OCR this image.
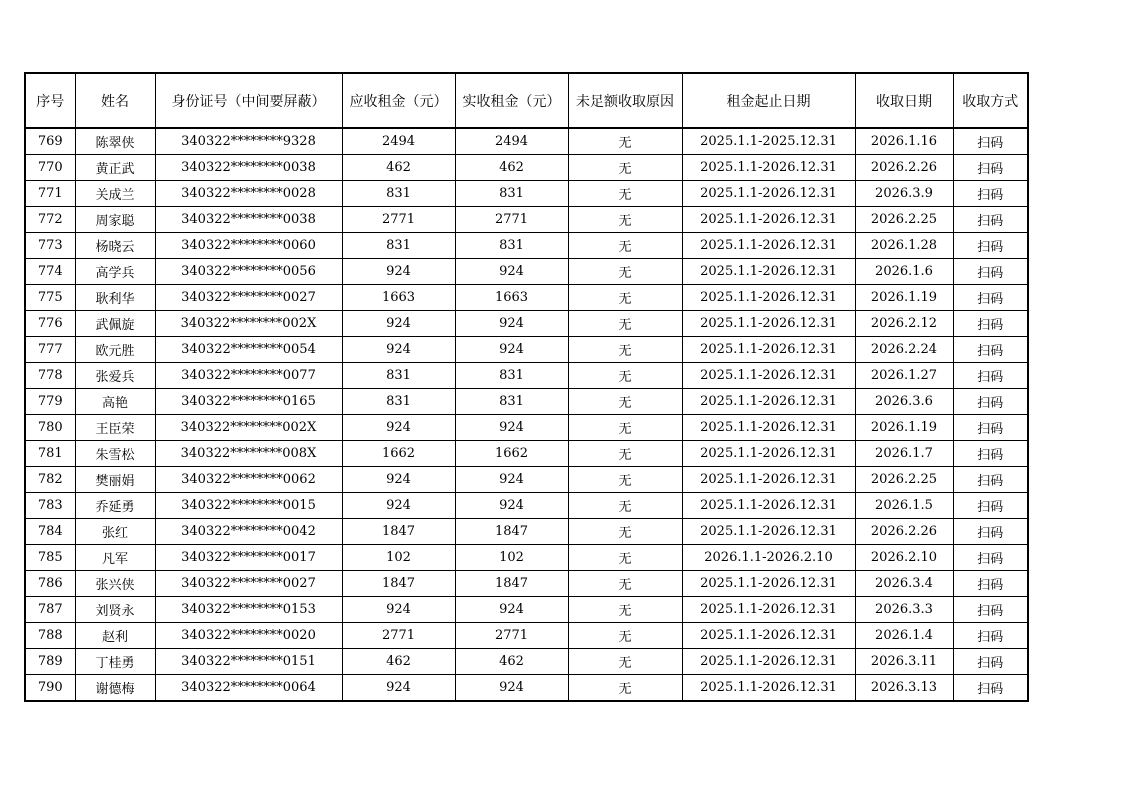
序号	姓名	身份证号（中间要屏蔽）	应收租金（元）	实收租金（元）	未足额收取原因	租金起止日期	收取日期	收取方式
769	陈翠侠	340322********9328	2494	2494	无	2025.1.1-2025.12.31	2026.1.16	扫码
770	黄正武	340322********0038	462	462	无	2025.1.1-2026.12.31	2026.2.26	扫码
771	关成兰	340322********0028	831	831	无	2025.1.1-2026.12.31	2026.3.9	扫码
772	周家聪	340322********0038	2771	2771	无	2025.1.1-2026.12.31	2026.2.25	扫码
773	杨晓云	340322********0060	831	831	无	2025.1.1-2026.12.31	2026.1.28	扫码
774	高学兵	340322********0056	924	924	无	2025.1.1-2026.12.31	2026.1.6	扫码
775	耿利华	340322********0027	1663	1663	无	2025.1.1-2026.12.31	2026.1.19	扫码
776	武佩旋	340322********002X	924	924	无	2025.1.1-2026.12.31	2026.2.12	扫码
777	欧元胜	340322********0054	924	924	无	2025.1.1-2026.12.31	2026.2.24	扫码
778	张爱兵	340322********0077	831	831	无	2025.1.1-2026.12.31	2026.1.27	扫码
779	高艳	340322********0165	831	831	无	2025.1.1-2026.12.31	2026.3.6	扫码
780	王臣荣	340322********002X	924	924	无	2025.1.1-2026.12.31	2026.1.19	扫码
781	朱雪松	340322********008X	1662	1662	无	2025.1.1-2026.12.31	2026.1.7	扫码
782	樊丽娟	340322********0062	924	924	无	2025.1.1-2026.12.31	2026.2.25	扫码
783	乔延勇	340322********0015	924	924	无	2025.1.1-2026.12.31	2026.1.5	扫码
784	张红	340322********0042	1847	1847	无	2025.1.1-2026.12.31	2026.2.26	扫码
785	凡军	340322********0017	102	102	无	2026.1.1-2026.2.10	2026.2.10	扫码
786	张兴侠	340322********0027	1847	1847	无	2025.1.1-2026.12.31	2026.3.4	扫码
787	刘贤永	340322********0153	924	924	无	2025.1.1-2026.12.31	2026.3.3	扫码
788	赵利	340322********0020	2771	2771	无	2025.1.1-2026.12.31	2026.1.4	扫码
789	丁桂勇	340322********0151	462	462	无	2025.1.1-2026.12.31	2026.3.11	扫码
790	谢德梅	340322********0064	924	924	无	2025.1.1-2026.12.31	2026.3.13	扫码
